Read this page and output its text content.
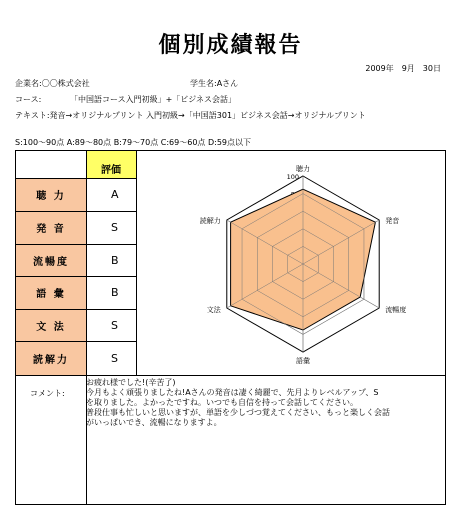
個別成績報告
2009年　9月　30日
企業名:〇〇株式会社	学生名:Aさん
コース:	「中国語コース入門初級」+「ビジネス会話」
テキスト:発音→オリジナルプリント 入門初級→「中国語301」ビジネス会話→オリジナルプリント
S:100〜90点 A:89〜80点 B:79〜70点 C:69〜60点 D:59点以下
評価
聴 力	A
発 音	S
流暢度	B
語 彙	B
文 法	S
読解力	S
100
聴力
発音
流暢度
語彙
文法
読解力
コメント:
お疲れ様でした!(辛苦了)
今月もよく頑張りましたね!Aさんの発音は凄く綺麗で、先月よりレベルアップ、S
を取りました。よかったですね。いつでも自信を持って会話してください。
普段仕事も忙しいと思いますが、単語を少しづつ覚えてください、もっと楽しく会話
がいっぱいでき、流暢になりますよ。
